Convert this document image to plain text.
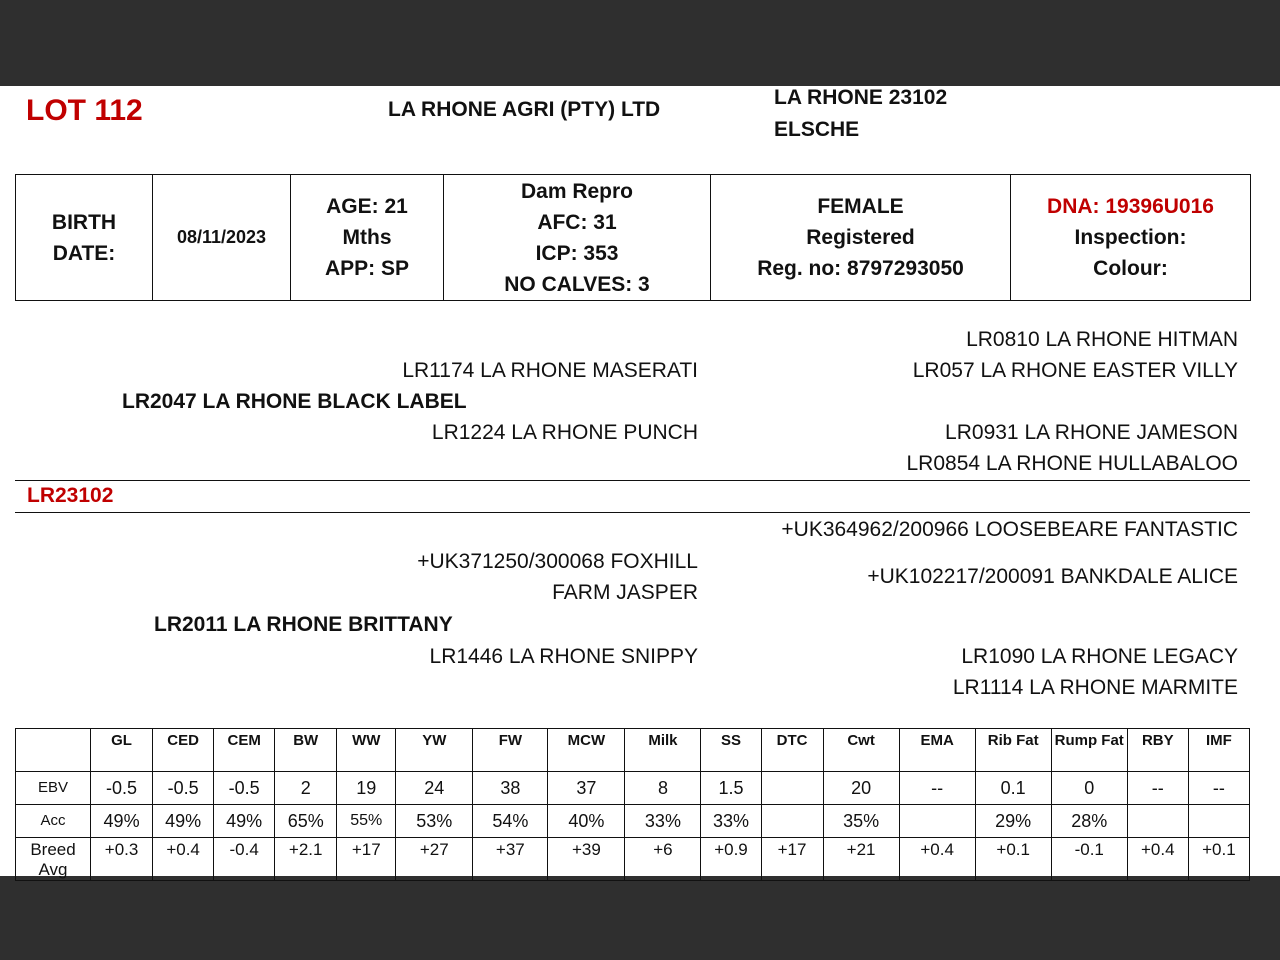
LOT 112	LA RHONE AGRI (PTY) LTD
LA RHONE 23102
ELSCHE
BIRTH
DATE:
	08/11/2023	
AGE: 21
Mths
APP: SP

Dam Repro
AFC: 31
ICP: 353
NO CALVES: 3

FEMALE
Registered
Reg. no: 8797293050

DNA: 19396U016
Inspection:
Colour:
LR0810 LA RHONE HITMAN
LR1174 LA RHONE MASERATI	LR057 LA RHONE EASTER VILLY
LR2047 LA RHONE BLACK LABEL
LR1224 LA RHONE PUNCH	LR0931 LA RHONE JAMESON
LR0854 LA RHONE HULLABALOO
LR23102
+UK364962/200966 LOOSEBEARE FANTASTIC
+UK371250/300068 FOXHILL
FARM JASPER
+UK102217/200091 BANKDALE ALICE
LR2011 LA RHONE BRITTANY
LR1446 LA RHONE SNIPPY	LR1090 LA RHONE LEGACY
LR1114 LA RHONE MARMITE
	GL	CED	CEM	BW	WW	YW	FW	MCW	Milk	SS	DTC	Cwt	EMA	Rib Fat	Rump Fat	RBY	IMF
EBV	-0.5	-0.5	-0.5	2	19	24	38	37	8	1.5		20	--	0.1	0	--	--
Acc	49%	49%	49%	65%	55%	53%	54%	40%	33%	33%		35%		29%	28%		
Breed Avg	+0.3	+0.4	-0.4	+2.1	+17	+27	+37	+39	+6	+0.9	+17	+21	+0.4	+0.1	-0.1	+0.4	+0.1
